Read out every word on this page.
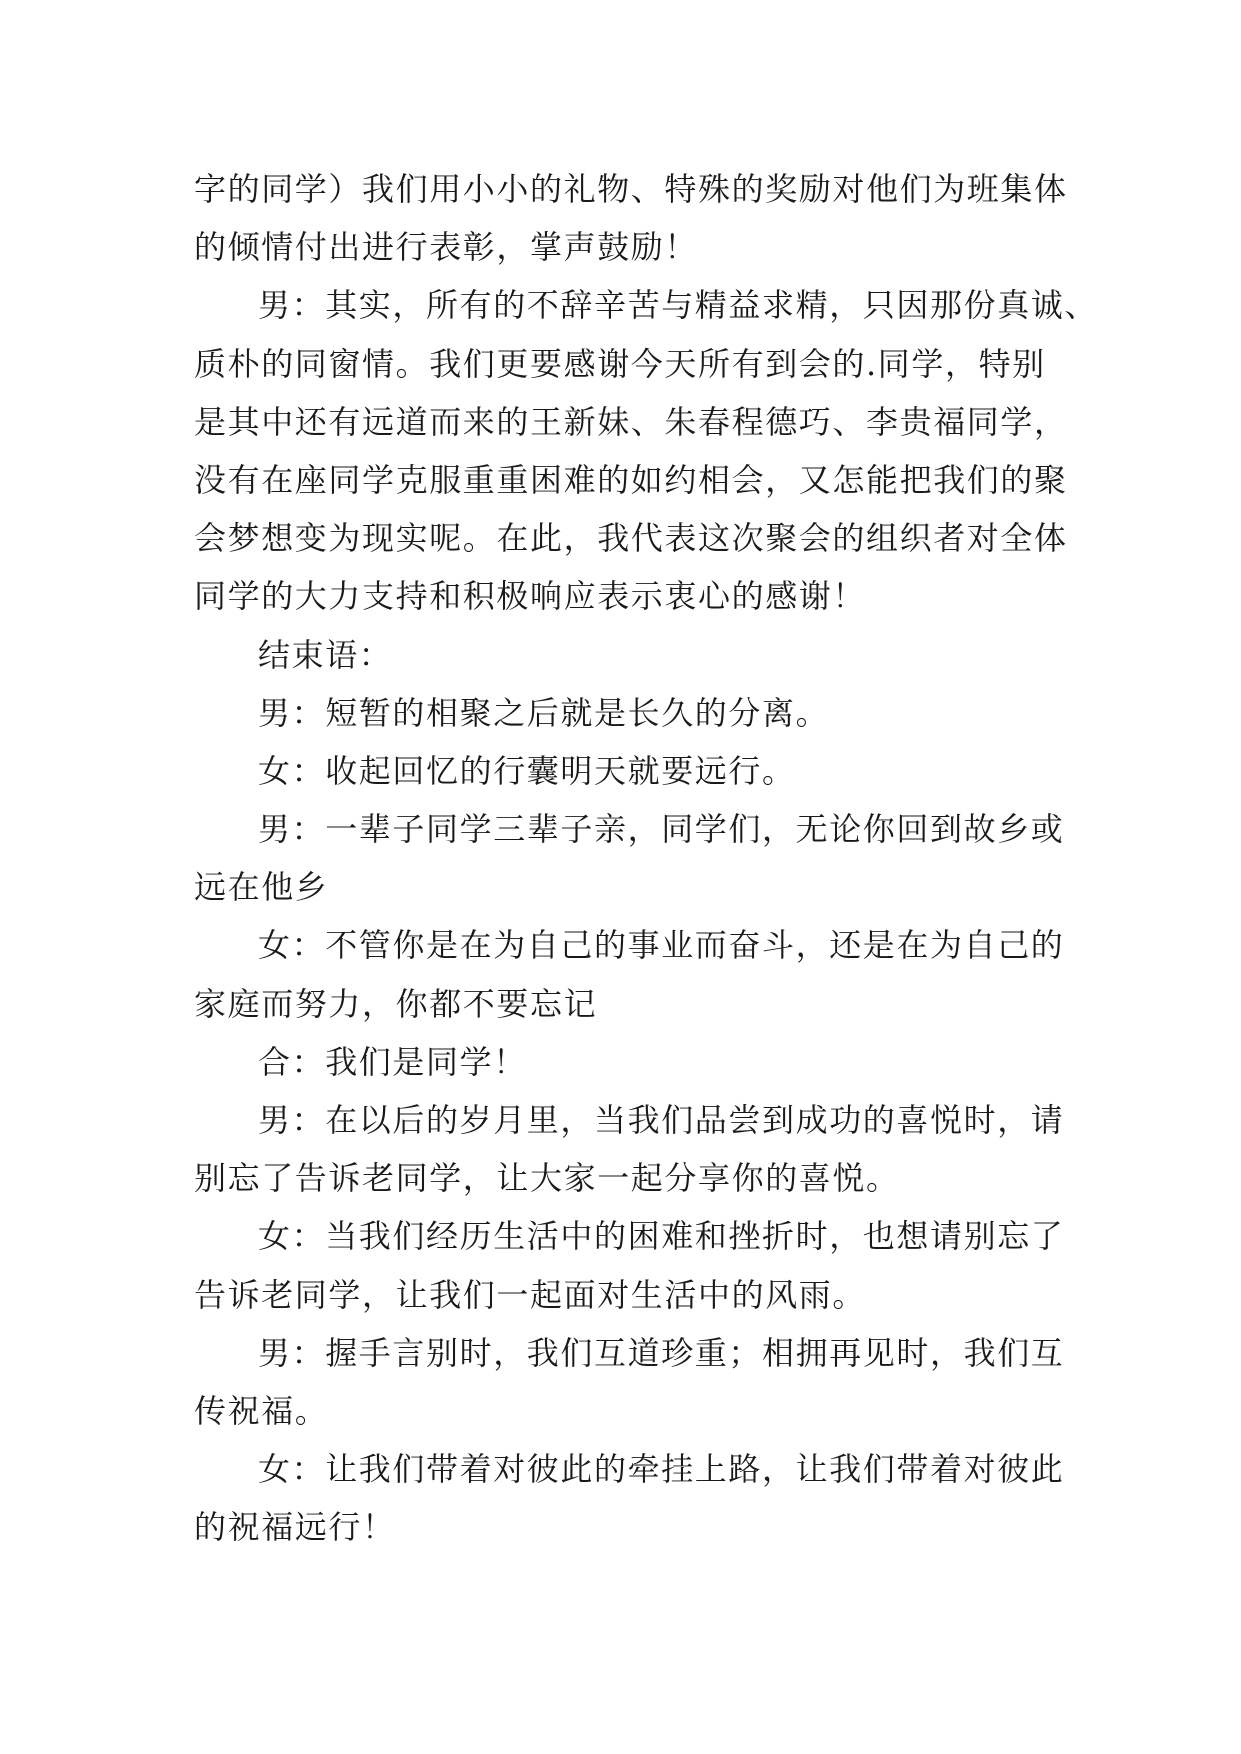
字的同学）我们用小小的礼物、特殊的奖励对他们为班集体
的倾情付出进行表彰，掌声鼓励！
男：其实，所有的不辞辛苦与精益求精，只因那份真诚、
质朴的同窗情。我们更要感谢今天所有到会的.同学，特别
是其中还有远道而来的王新妹、朱春程德巧、李贵福同学，
没有在座同学克服重重困难的如约相会，又怎能把我们的聚
会梦想变为现实呢。在此，我代表这次聚会的组织者对全体
同学的大力支持和积极响应表示衷心的感谢！
结束语：
男：短暂的相聚之后就是长久的分离。
女：收起回忆的行囊明天就要远行。
男：一辈子同学三辈子亲，同学们，无论你回到故乡或
远在他乡
女：不管你是在为自己的事业而奋斗，还是在为自己的
家庭而努力，你都不要忘记
合：我们是同学！
男：在以后的岁月里，当我们品尝到成功的喜悦时，请
别忘了告诉老同学，让大家一起分享你的喜悦。
女：当我们经历生活中的困难和挫折时，也想请别忘了
告诉老同学，让我们一起面对生活中的风雨。
男：握手言别时，我们互道珍重；相拥再见时，我们互
传祝福。
女：让我们带着对彼此的牵挂上路，让我们带着对彼此
的祝福远行！
